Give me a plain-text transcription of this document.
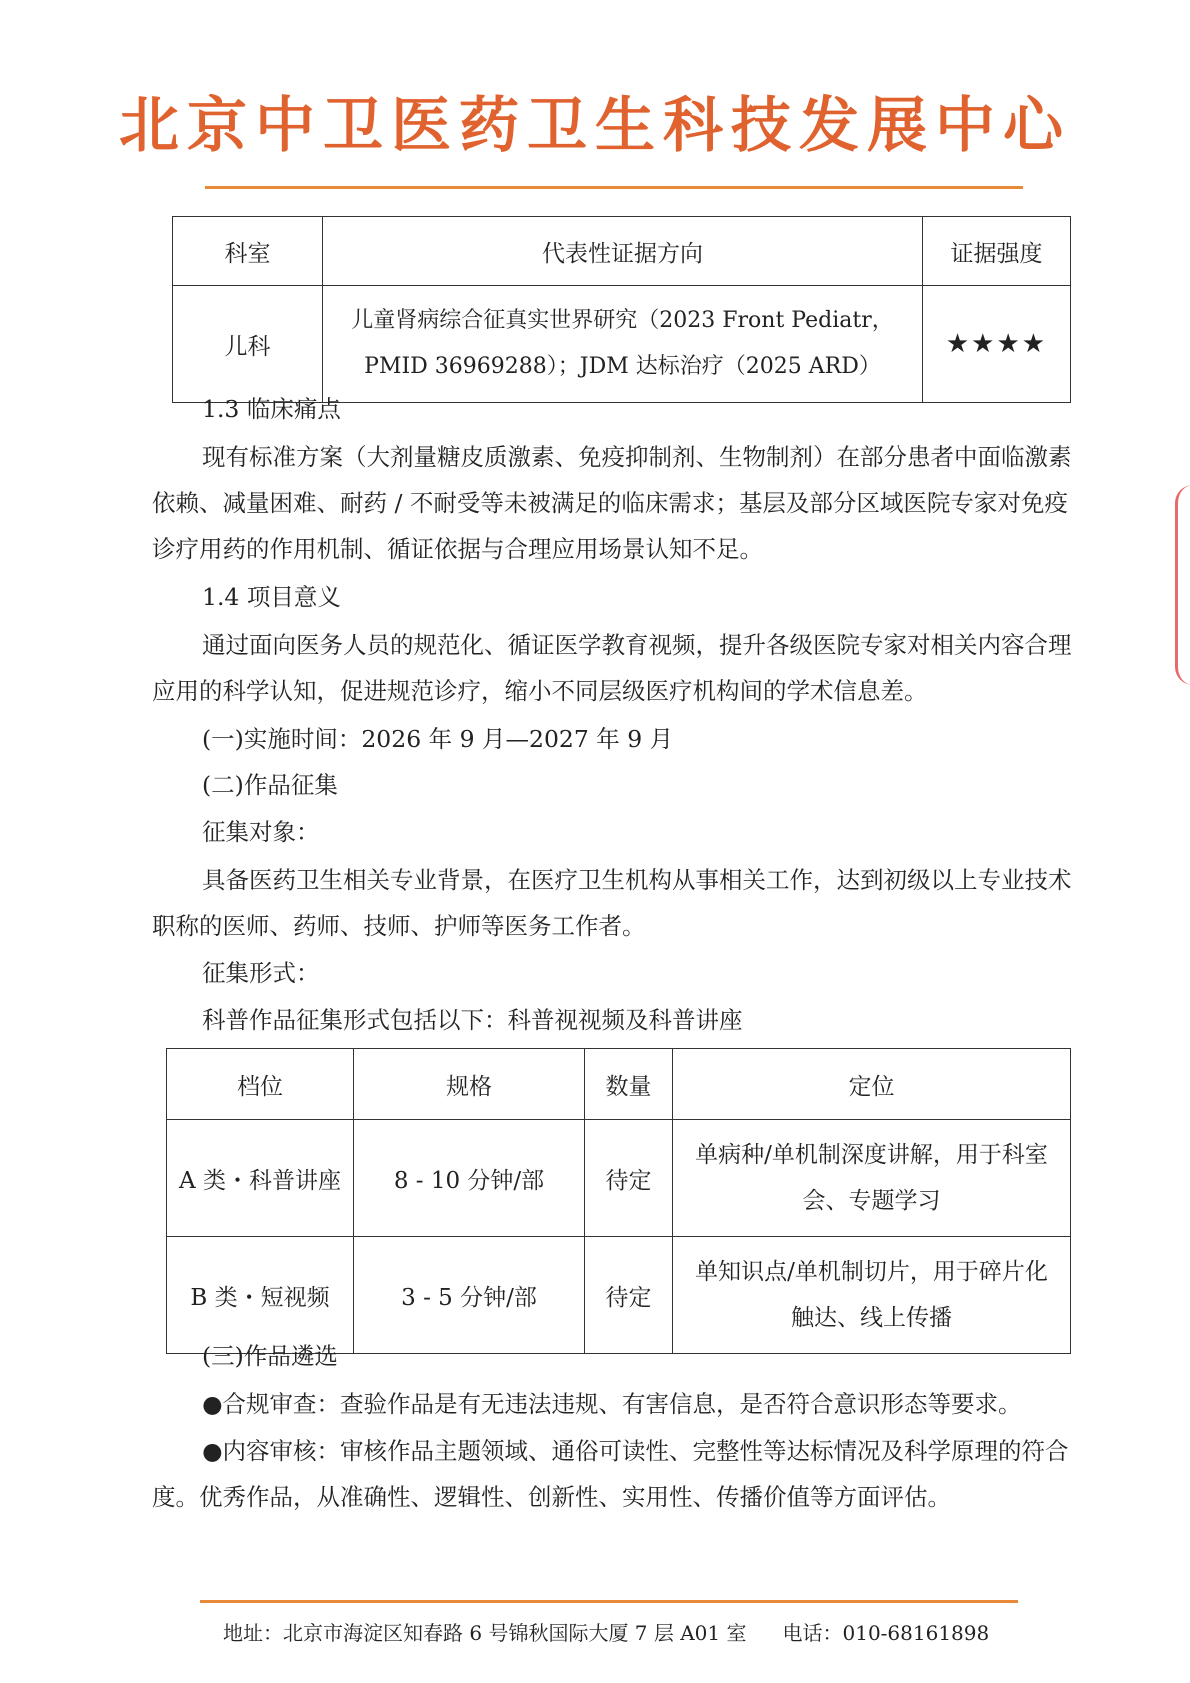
北京中卫医药卫生科技发展中心
科室	代表性证据方向	证据强度
儿科	儿童肾病综合征真实世界研究（2023 Front Pediatr，
PMID 36969288）；JDM 达标治疗（2025 ARD）	★★★★
1.3 临床痛点
现有标准方案（大剂量糖皮质激素、免疫抑制剂、生物制剂）在部分患者中面临激素
依赖、减量困难、耐药 / 不耐受等未被满足的临床需求；基层及部分区域医院专家对免疫
诊疗用药的作用机制、循证依据与合理应用场景认知不足。
1.4 项目意义
通过面向医务人员的规范化、循证医学教育视频，提升各级医院专家对相关内容合理
应用的科学认知，促进规范诊疗，缩小不同层级医疗机构间的学术信息差。
(一)实施时间：2026 年 9 月—2027 年 9 月
(二)作品征集
征集对象：
具备医药卫生相关专业背景，在医疗卫生机构从事相关工作，达到初级以上专业技术
职称的医师、药师、技师、护师等医务工作者。
征集形式：
科普作品征集形式包括以下：科普视视频及科普讲座
档位	规格	数量	定位
A 类・科普讲座	8 - 10 分钟/部	待定	单病种/单机制深度讲解，用于科室
会、专题学习

B 类・短视频	3 - 5 分钟/部	待定	单知识点/单机制切片，用于碎片化
触达、线上传播
(三)作品遴选
●合规审查：查验作品是有无违法违规、有害信息，是否符合意识形态等要求。
●内容审核：审核作品主题领域、通俗可读性、完整性等达标情况及科学原理的符合
度。优秀作品，从准确性、逻辑性、创新性、实用性、传播价值等方面评估。
地址：北京市海淀区知春路 6 号锦秋国际大厦 7 层 A01 室 电话：010-68161898
